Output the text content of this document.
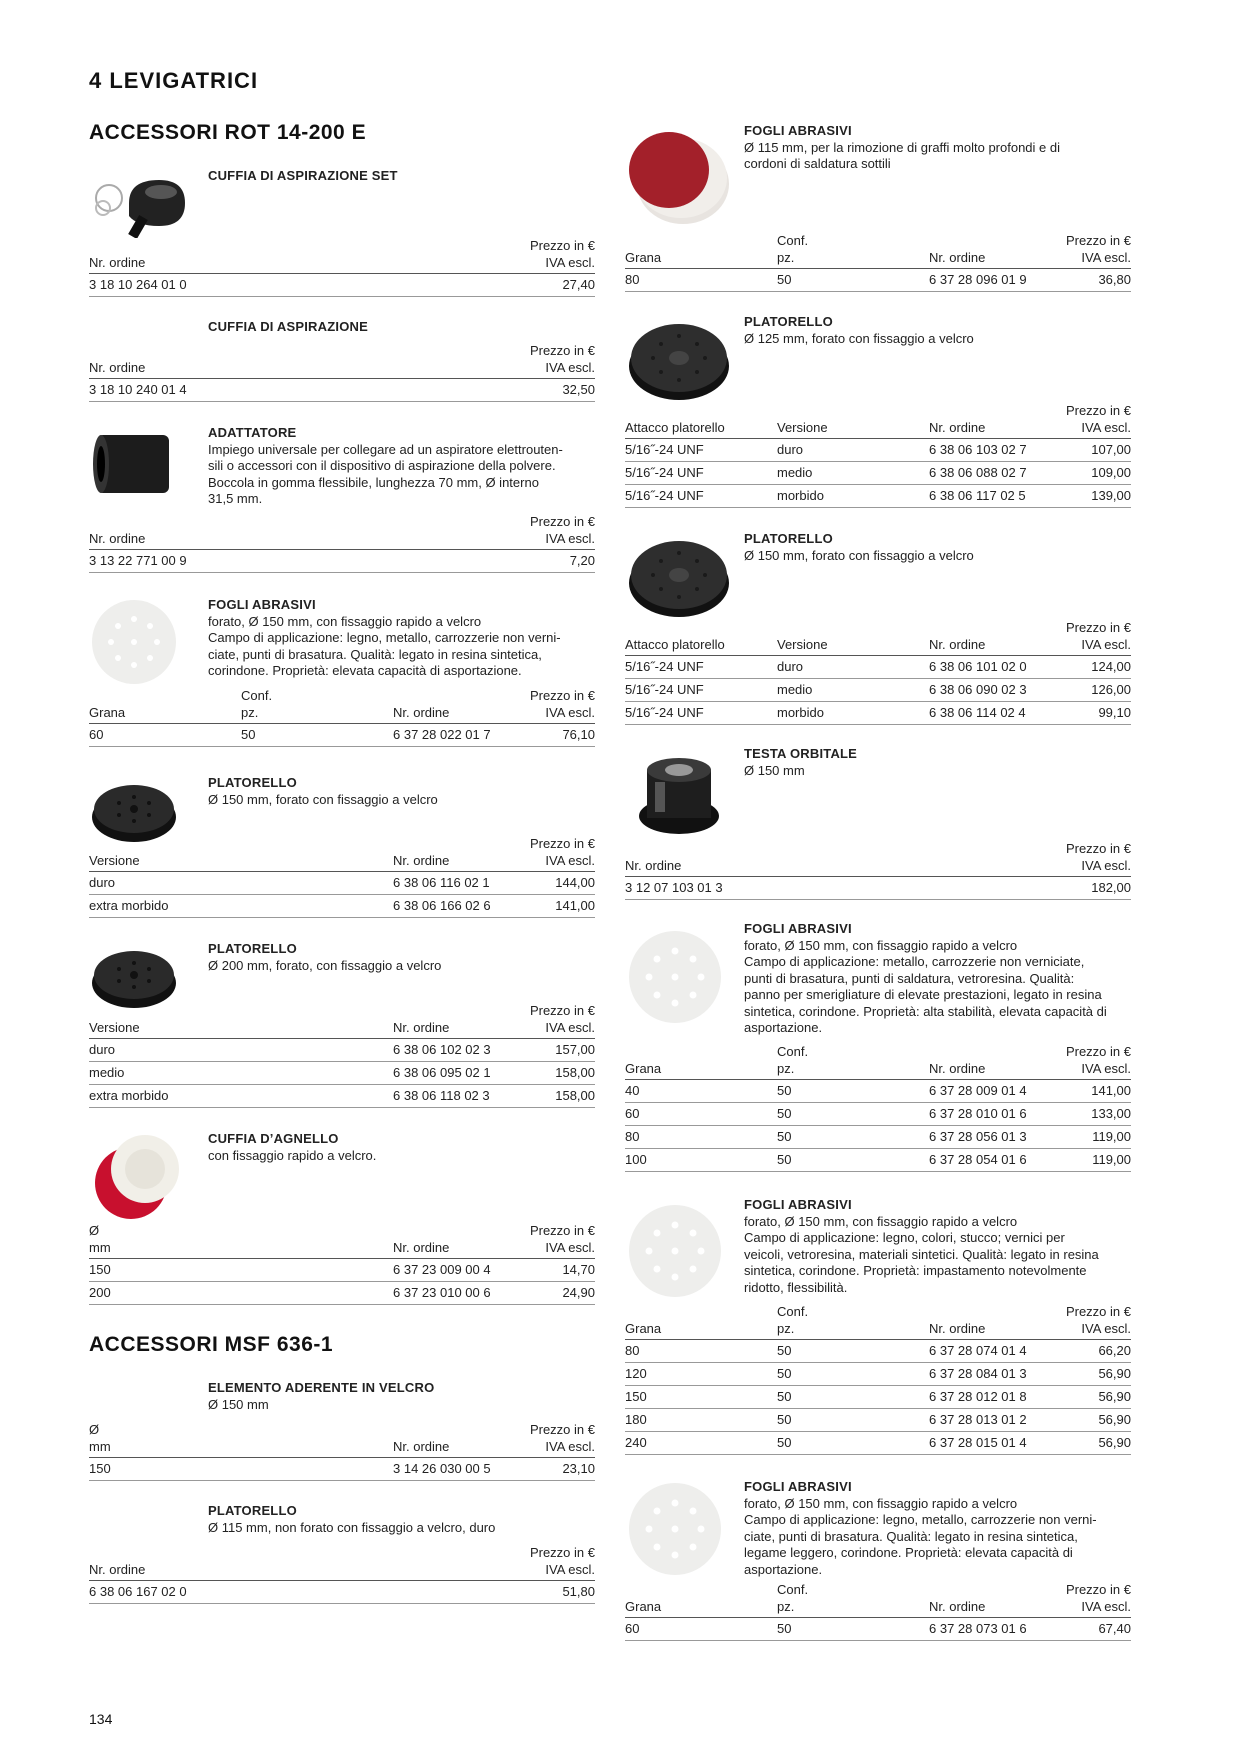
4 LEVIGATRICI
ACCESSORI ROT 14-200 E
ACCESSORI MSF 636-1
CUFFIA DI ASPIRAZIONE SET
Nr. ordine	Prezzo in €
IVA escl.
3 18 10 264 01 0	27,40
CUFFIA DI ASPIRAZIONE
Nr. ordine	Prezzo in €
IVA escl.
3 18 10 240 01 4	32,50
ADATTATORE
Impiego universale per collegare ad un aspiratore elettrouten-
sili o accessori con il dispositivo di aspirazione della polvere.
Boccola in gomma flessibile, lunghezza 70 mm, Ø interno
31,5 mm.
Nr. ordine	Prezzo in €
IVA escl.
3 13 22 771 00 9	7,20
FOGLI ABRASIVI
forato, Ø 150 mm, con fissaggio rapido a velcro
Campo di applicazione: legno, metallo, carrozzerie non verni-
ciate, punti di brasatura. Qualità: legato in resina sintetica,
corindone. Proprietà: elevata capacità di asportazione.
Grana	Conf.
pz.	Nr. ordine	Prezzo in €
IVA escl.
60	50	6 37 28 022 01 7	76,10
PLATORELLO
Ø 150 mm, forato con fissaggio a velcro
Versione	Nr. ordine	Prezzo in €
IVA escl.
duro	6 38 06 116 02 1	144,00
extra morbido	6 38 06 166 02 6	141,00
PLATORELLO
Ø 200 mm, forato, con fissaggio a velcro
Versione	Nr. ordine	Prezzo in €
IVA escl.
duro	6 38 06 102 02 3	157,00
medio	6 38 06 095 02 1	158,00
extra morbido	6 38 06 118 02 3	158,00
CUFFIA D’AGNELLO
con fissaggio rapido a velcro.
Ø
mm	Nr. ordine	Prezzo in €
IVA escl.
150	6 37 23 009 00 4	14,70
200	6 37 23 010 00 6	24,90
ELEMENTO ADERENTE IN VELCRO
Ø 150 mm
Ø
mm	Nr. ordine	Prezzo in €
IVA escl.
150	3 14 26 030 00 5	23,10
PLATORELLO
Ø 115 mm, non forato con fissaggio a velcro, duro
Nr. ordine	Prezzo in €
IVA escl.
6 38 06 167 02 0	51,80
FOGLI ABRASIVI
Ø 115 mm, per la rimozione di graffi molto profondi e di
cordoni di saldatura sottili
Grana	Conf.
pz.	Nr. ordine	Prezzo in €
IVA escl.
80	50	6 37 28 096 01 9	36,80
PLATORELLO
Ø 125 mm, forato con fissaggio a velcro
Attacco platorello	Versione	Nr. ordine	Prezzo in €
IVA escl.
5/16˝-24 UNF	duro	6 38 06 103 02 7	107,00
5/16˝-24 UNF	medio	6 38 06 088 02 7	109,00
5/16˝-24 UNF	morbido	6 38 06 117 02 5	139,00
PLATORELLO
Ø 150 mm, forato con fissaggio a velcro
Attacco platorello	Versione	Nr. ordine	Prezzo in €
IVA escl.
5/16˝-24 UNF	duro	6 38 06 101 02 0	124,00
5/16˝-24 UNF	medio	6 38 06 090 02 3	126,00
5/16˝-24 UNF	morbido	6 38 06 114 02 4	99,10
TESTA ORBITALE
Ø 150 mm
Nr. ordine	Prezzo in €
IVA escl.
3 12 07 103 01 3	182,00
FOGLI ABRASIVI
forato, Ø 150 mm, con fissaggio rapido a velcro
Campo di applicazione: metallo, carrozzerie non verniciate,
punti di brasatura, punti di saldatura, vetroresina. Qualità:
panno per smerigliature di elevate prestazioni, legato in resina
sintetica, corindone. Proprietà: alta stabilità, elevata capacità di
asportazione.
Grana	Conf.
pz.	Nr. ordine	Prezzo in €
IVA escl.
40	50	6 37 28 009 01 4	141,00
60	50	6 37 28 010 01 6	133,00
80	50	6 37 28 056 01 3	119,00
100	50	6 37 28 054 01 6	119,00
FOGLI ABRASIVI
forato, Ø 150 mm, con fissaggio rapido a velcro
Campo di applicazione: legno, colori, stucco; vernici per
veicoli, vetroresina, materiali sintetici. Qualità: legato in resina
sintetica, corindone. Proprietà: impastamento notevolmente
ridotto, flessibilità.
Grana	Conf.
pz.	Nr. ordine	Prezzo in €
IVA escl.
80	50	6 37 28 074 01 4	66,20
120	50	6 37 28 084 01 3	56,90
150	50	6 37 28 012 01 8	56,90
180	50	6 37 28 013 01 2	56,90
240	50	6 37 28 015 01 4	56,90
FOGLI ABRASIVI
forato, Ø 150 mm, con fissaggio rapido a velcro
Campo di applicazione: legno, metallo, carrozzerie non verni-
ciate, punti di brasatura. Qualità: legato in resina sintetica,
legame leggero, corindone. Proprietà: elevata capacità di
asportazione.
Grana	Conf.
pz.	Nr. ordine	Prezzo in €
IVA escl.
60	50	6 37 28 073 01 6	67,40
134
